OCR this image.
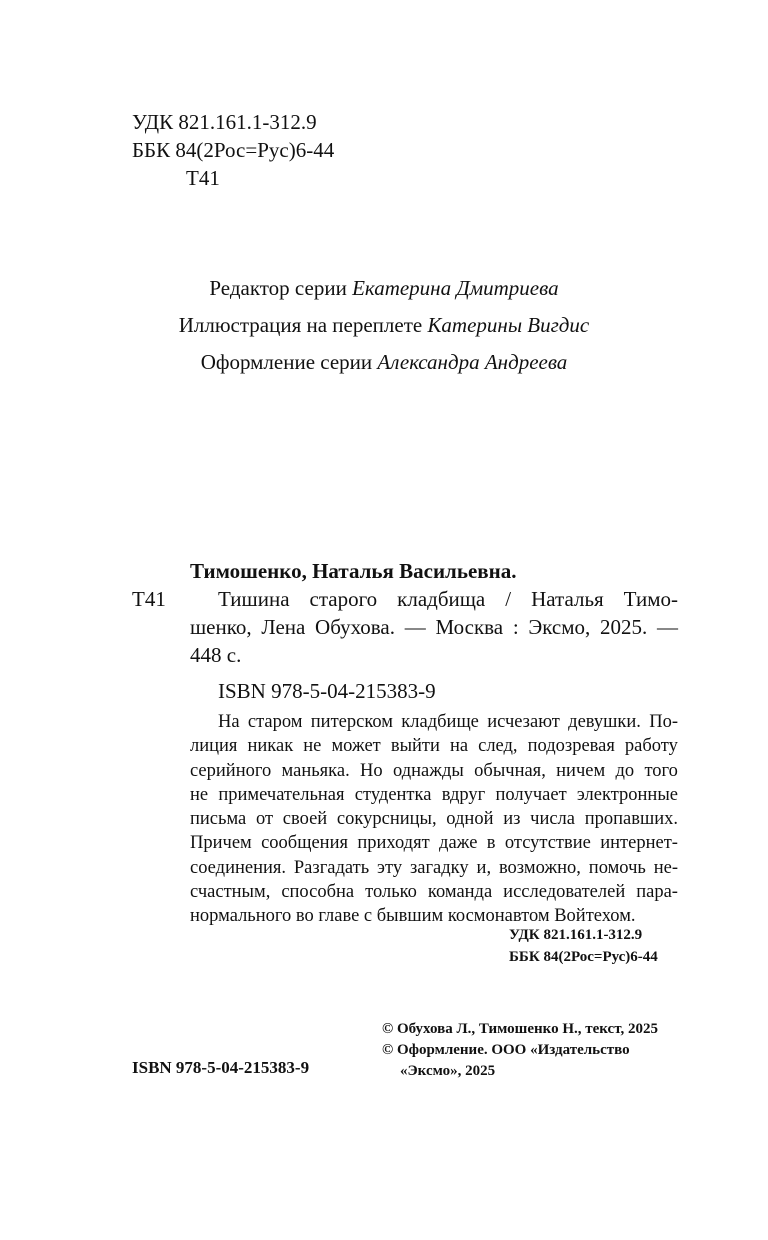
УДК 821.161.1-312.9
ББК 84(2Рос=Рус)6-44
Т41
Редактор серии Екатерина Дмитриева
Иллюстрация на переплете Катерины Вигдис
Оформление серии Александра Андреева
Тимошенко, Наталья Васильевна.
Т41 Тишина старого кладбища / Наталья Тимо-
шенко, Лена Обухова. — Москва : Эксмо, 2025. —
448 с.
ISBN 978-5-04-215383-9
На старом питерском кладбище исчезают девушки. По-
лиция никак не может выйти на след, подозревая работу
серийного маньяка. Но однажды обычная, ничем до того
не примечательная студентка вдруг получает электронные
письма от своей сокурсницы, одной из числа пропавших.
Причем сообщения приходят даже в отсутствие интернет-
соединения. Разгадать эту загадку и, возможно, помочь не-
счастным, способна только команда исследователей пара-
нормального во главе с бывшим космонавтом Войтехом.
УДК 821.161.1-312.9
ББК 84(2Рос=Рус)6-44
© Обухова Л., Тимошенко Н., текст, 2025
© Оформление. ООО «Издательство
«Эксмо», 2025
ISBN 978-5-04-215383-9
